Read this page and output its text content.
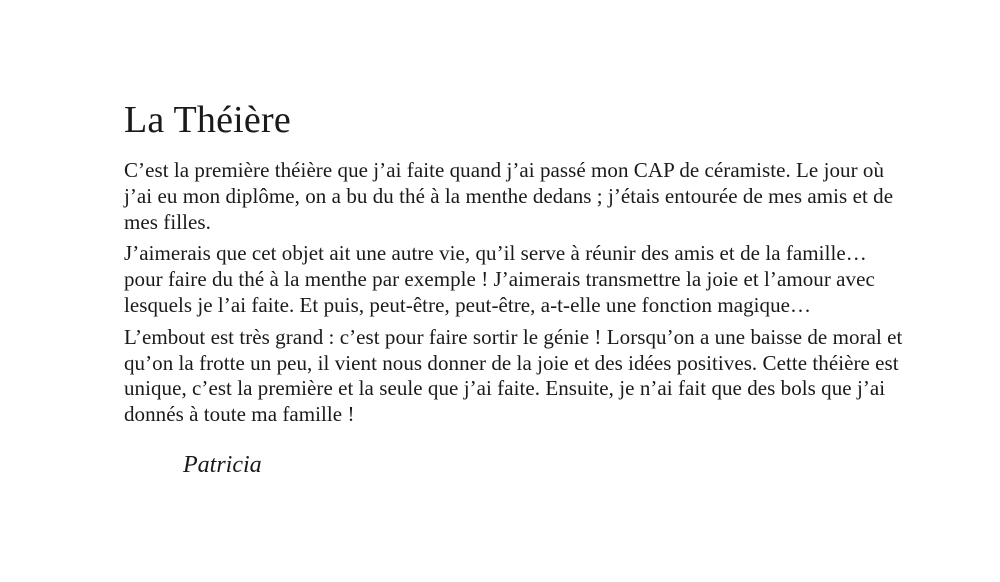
La Théière

C’est la première théière que j’ai faite quand j’ai passé mon CAP de céramiste. Le jour où j’ai eu mon diplôme, on a bu du thé à la menthe dedans ; j’étais entourée de mes amis et de mes filles.

J’aimerais que cet objet ait une autre vie, qu’il serve à réunir des amis et de la famille… pour faire du thé à la menthe par exemple ! J’aimerais transmettre la joie et l’amour avec lesquels je l’ai faite. Et puis, peut-être, peut-être, a-t-elle une fonction magique…

L’embout est très grand : c’est pour faire sortir le génie ! Lorsqu’on a une baisse de moral et qu’on la frotte un peu, il vient nous donner de la joie et des idées positives. Cette théière est unique, c’est la première et la seule que j’ai faite. Ensuite, je n’ai fait que des bols que j’ai donnés à toute ma famille !

Patricia
